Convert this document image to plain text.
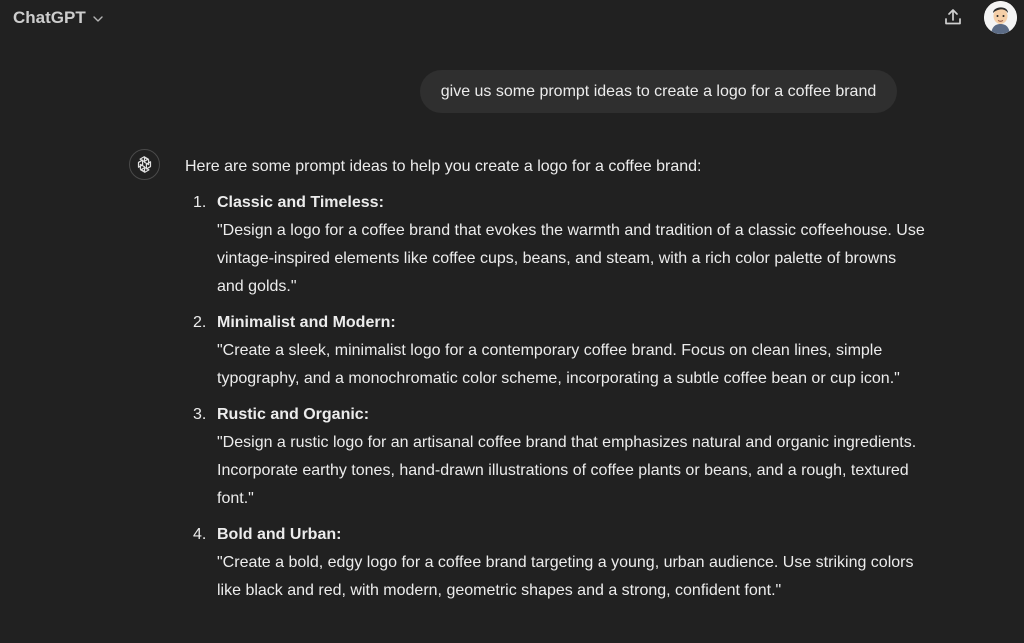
ChatGPT
give us some prompt ideas to create a logo for a coffee brand

Here are some prompt ideas to help you create a logo for a coffee brand:

1. Classic and Timeless:
"Design a logo for a coffee brand that evokes the warmth and tradition of a classic coffeehouse. Use vintage-inspired elements like coffee cups, beans, and steam, with a rich color palette of browns and golds."
2. Minimalist and Modern:
"Create a sleek, minimalist logo for a contemporary coffee brand. Focus on clean lines, simple typography, and a monochromatic color scheme, incorporating a subtle coffee bean or cup icon."
3. Rustic and Organic:
"Design a rustic logo for an artisanal coffee brand that emphasizes natural and organic ingredients. Incorporate earthy tones, hand-drawn illustrations of coffee plants or beans, and a rough, textured font."
4. Bold and Urban:
"Create a bold, edgy logo for a coffee brand targeting a young, urban audience. Use striking colors like black and red, with modern, geometric shapes and a strong, confident font."
